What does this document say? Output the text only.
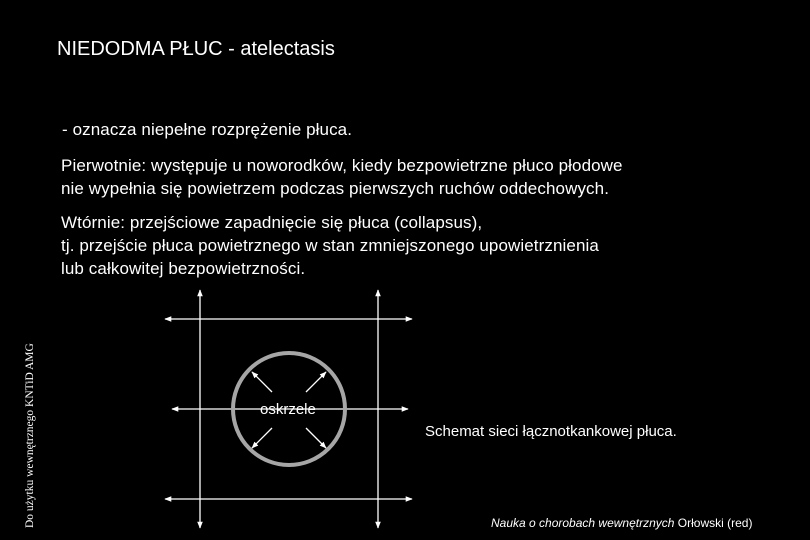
NIEDODMA PŁUC - atelectasis
- oznacza niepełne rozprężenie płuca.
Pierwotnie: występuje u noworodków, kiedy bezpowietrzne płuco płodowe
nie wypełnia się powietrzem podczas pierwszych ruchów oddechowych.
Wtórnie: przejściowe zapadnięcie się płuca (collapsus),
tj. przejście płuca powietrznego w stan zmniejszonego upowietrznienia
lub całkowitej bezpowietrzności.
Do użytku wewnętrznego KNTiD AMG	oskrzele
Schemat sieci łącznotkankowej płuca.
Nauka o chorobach wewnętrznych Orłowski (red)
